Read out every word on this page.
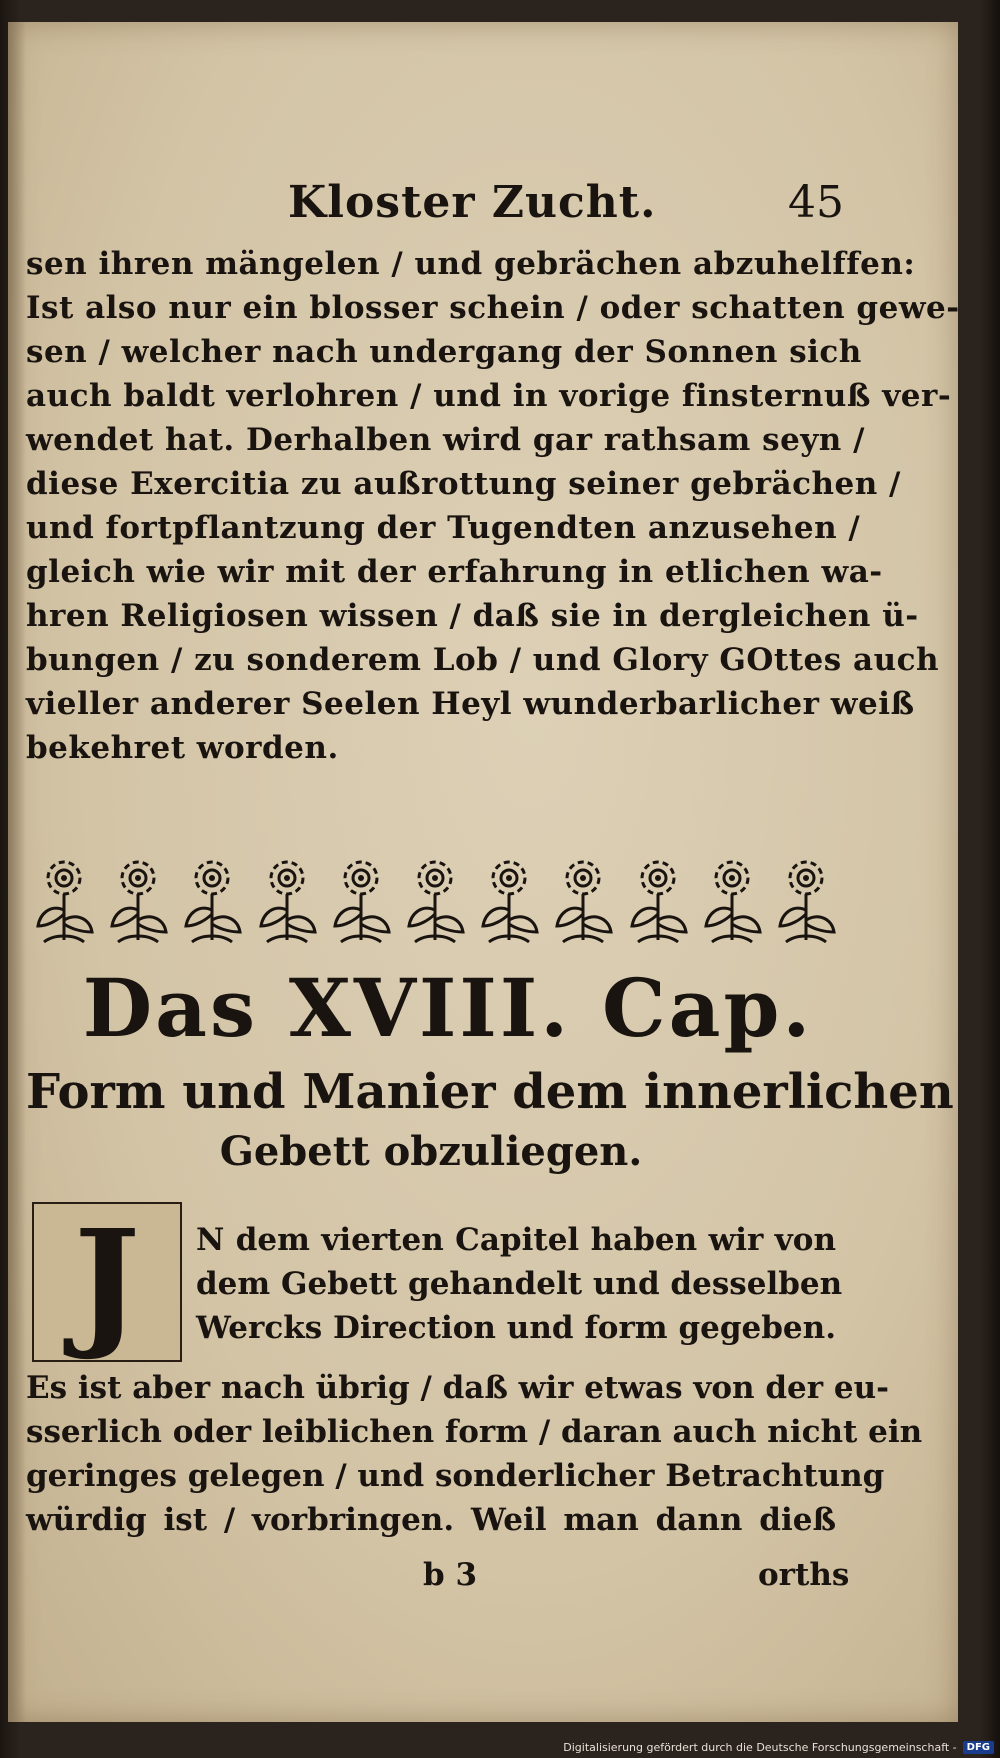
Kloster Zucht.	45
sen ihren mängelen / und gebrächen abzuhelffen:
Ist also nur ein blosser schein / oder schatten gewe-
sen / welcher nach undergang der Sonnen sich
auch baldt verlohren / und in vorige finsternuß ver-
wendet hat. Derhalben wird gar rathsam seyn /
diese Exercitia zu außrottung seiner gebrächen /
und fortpflantzung der Tugendten anzusehen /
gleich wie wir mit der erfahrung in etlichen wa-
hren Religiosen wissen / daß sie in dergleichen ü-
bungen / zu sonderem Lob / und Glory GOttes auch
vieller anderer Seelen Heyl wunderbarlicher weiß
bekehret worden.
Das XVIII. Cap.
Form und Manier dem innerlichen
Gebett obzuliegen.
J N dem vierten Capitel haben wir von
dem Gebett gehandelt und desselben
Wercks Direction und form gegeben.
Es ist aber nach übrig / daß wir etwas von der eu-
sserlich oder leiblichen form / daran auch nicht ein
geringes gelegen / und sonderlicher Betrachtung
würdig ist / vorbringen. Weil man dann dieß
b 3	orths
Digitalisierung gefördert durch die Deutsche Forschungsgemeinschaft -	DFG
